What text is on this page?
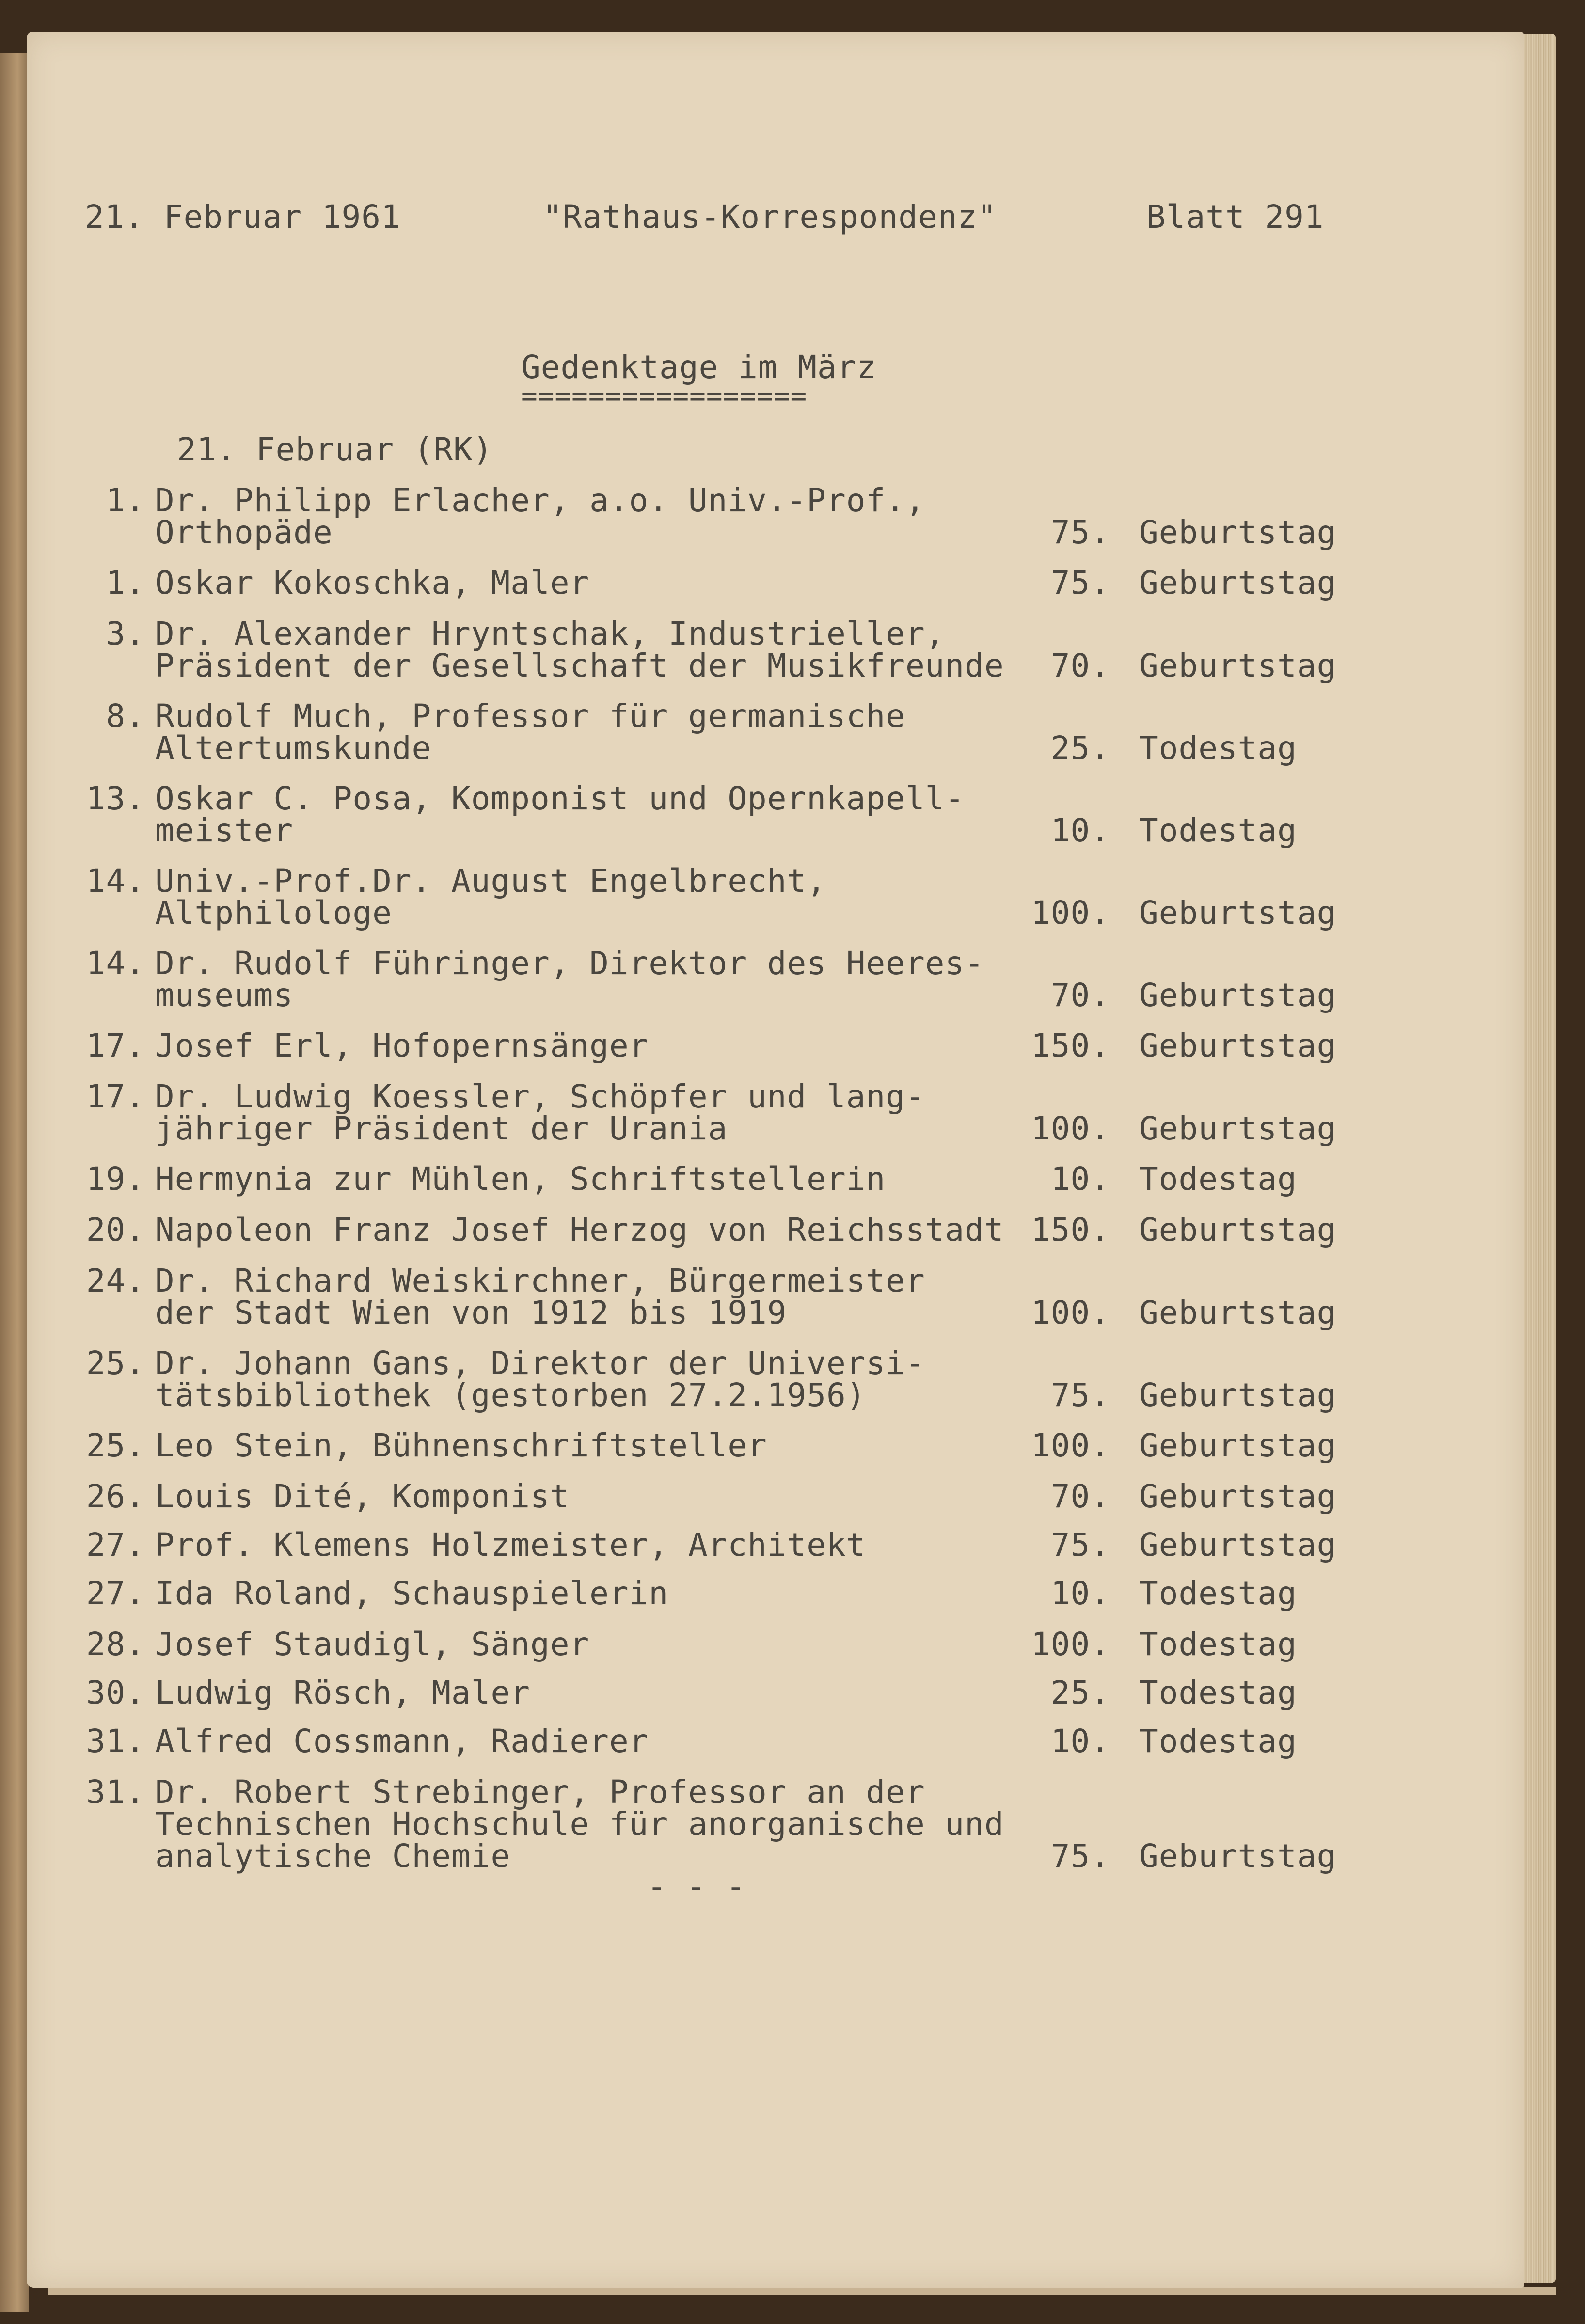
21. Februar 1961

	"Rathaus-Korrespondenz"

	Blatt 291

Gedenktage im März

=================

21. Februar (RK)

1. Dr. Philipp Erlacher, a.o. Univ.-Prof.,
Orthopäde	75. Geburtstag
1. Oskar Kokoschka, Maler	75. Geburtstag
3. Dr. Alexander Hryntschak, Industrieller,
Präsident der Gesellschaft der Musikfreunde	70. Geburtstag
8. Rudolf Much, Professor für germanische
Altertumskunde	25. Todestag
13. Oskar C. Posa, Komponist und Opernkapell-
meister	10. Todestag
14. Univ.-Prof.Dr. August Engelbrecht,
Altphilologe	100. Geburtstag
14. Dr. Rudolf Führinger, Direktor des Heeres-
museums	70. Geburtstag
17. Josef Erl, Hofopernsänger	150. Geburtstag
17. Dr. Ludwig Koessler, Schöpfer und lang-
jähriger Präsident der Urania	100. Geburtstag
19. Hermynia zur Mühlen, Schriftstellerin	10. Todestag
20. Napoleon Franz Josef Herzog von Reichsstadt 150. Geburtstag
24. Dr. Richard Weiskirchner, Bürgermeister
der Stadt Wien von 1912 bis 1919	100. Geburtstag
25. Dr. Johann Gans, Direktor der Universi-
tätsbibliothek (gestorben 27.2.1956)	75. Geburtstag
25. Leo Stein, Bühnenschriftsteller	100. Geburtstag
26. Louis Dité, Komponist	70. Geburtstag
27. Prof. Klemens Holzmeister, Architekt	75. Geburtstag
27. Ida Roland, Schauspielerin	10. Todestag
28. Josef Staudigl, Sänger	100. Todestag
30. Ludwig Rösch, Maler	25. Todestag
31. Alfred Cossmann, Radierer	10. Todestag
31. Dr. Robert Strebinger, Professor an der
Technischen Hochschule für anorganische und
analytische Chemie	75. Geburtstag

- - -
